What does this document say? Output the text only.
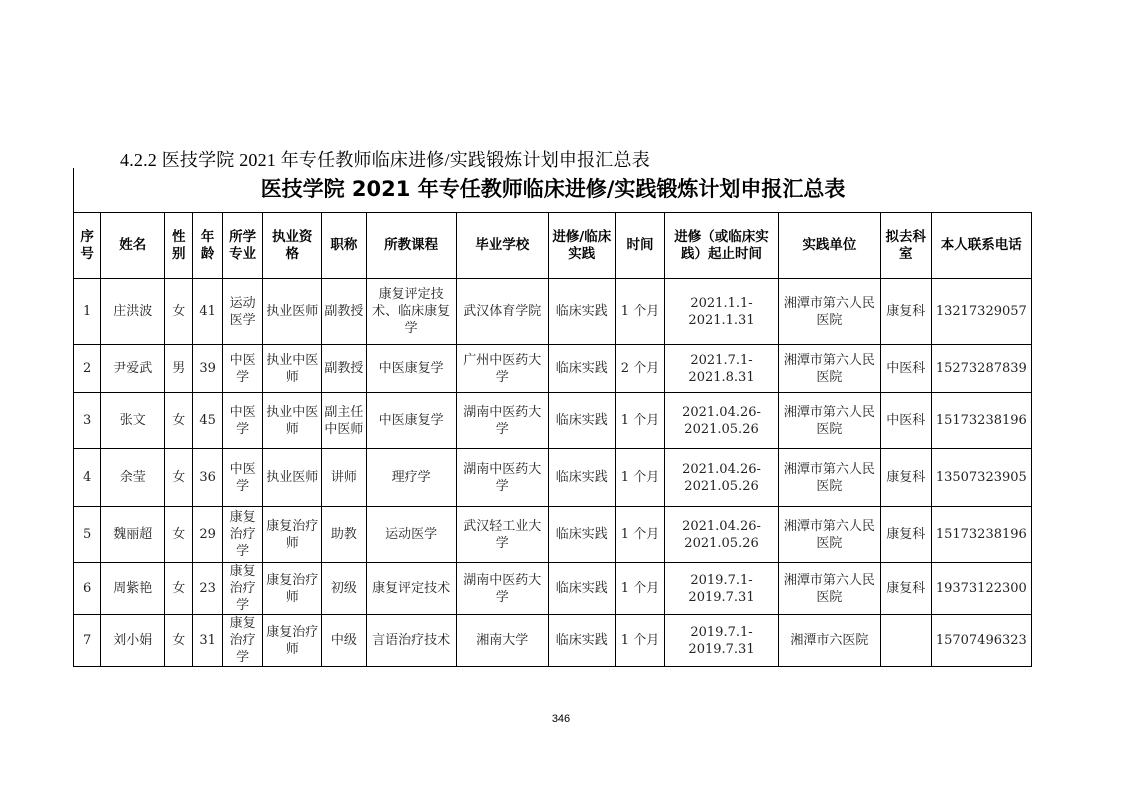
4.2.2 医技学院 2021 年专任教师临床进修/实践锻炼计划申报汇总表
医技学院 2021 年专任教师临床进修/实践锻炼计划申报汇总表
序号	姓名	性别	年龄	所学专业	执业资格	职称	所教课程	毕业学校	进修/临床实践	时间	进修（或临床实践）起止时间	实践单位	拟去科室	本人联系电话
1	庄洪波	女	41	运动医学	执业医师	副教授	康复评定技术、临床康复学	武汉体育学院	临床实践	1 个月	2021.1.1-2021.1.31	湘潭市第六人民医院	康复科	13217329057
2	尹爱武	男	39	中医学	执业中医师	副教授	中医康复学	广州中医药大学	临床实践	2 个月	2021.7.1-2021.8.31	湘潭市第六人民医院	中医科	15273287839
3	张文	女	45	中医学	执业中医师	副主任中医师	中医康复学	湖南中医药大学	临床实践	1 个月	2021.04.26-2021.05.26	湘潭市第六人民医院	中医科	15173238196
4	余莹	女	36	中医学	执业医师	讲师	理疗学	湖南中医药大学	临床实践	1 个月	2021.04.26-2021.05.26	湘潭市第六人民医院	康复科	13507323905
5	魏丽超	女	29	康复治疗学	康复治疗师	助教	运动医学	武汉轻工业大学	临床实践	1 个月	2021.04.26-2021.05.26	湘潭市第六人民医院	康复科	15173238196
6	周紫艳	女	23	康复治疗学	康复治疗师	初级	康复评定技术	湖南中医药大学	临床实践	1 个月	2019.7.1-2019.7.31	湘潭市第六人民医院	康复科	19373122300
7	刘小娟	女	31	康复治疗学	康复治疗师	中级	言语治疗技术	湘南大学	临床实践	1 个月	2019.7.1-2019.7.31	湘潭市六医院		15707496323
346
